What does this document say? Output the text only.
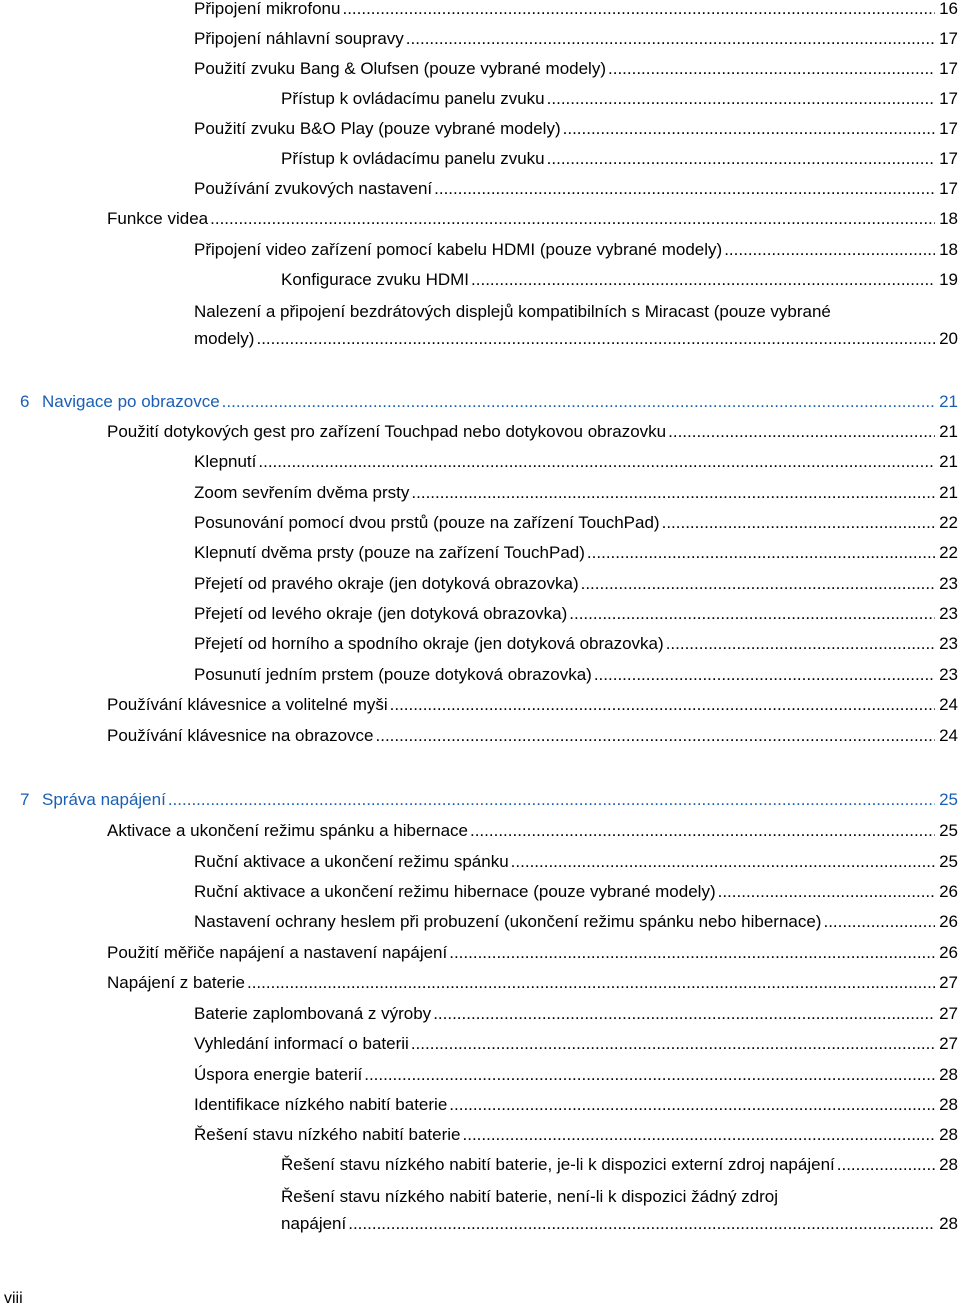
Připojení mikrofonu .....	16
Připojení náhlavní soupravy .....	17
Použití zvuku Bang & Olufsen (pouze vybrané modely) .....	17
Přístup k ovládacímu panelu zvuku .....	17
Použití zvuku B&O Play (pouze vybrané modely) .....	17
Přístup k ovládacímu panelu zvuku .....	17
Používání zvukových nastavení .....	17
Funkce videa .....	18
Připojení video zařízení pomocí kabelu HDMI (pouze vybrané modely) .....	18
Konfigurace zvuku HDMI .....	19
Nalezení a připojení bezdrátových displejů kompatibilních s Miracast (pouze vybrané
modely) .....	20
6 Navigace po obrazovce .....	21
Použití dotykových gest pro zařízení Touchpad nebo dotykovou obrazovku .....	21
Klepnutí .....	21
Zoom sevřením dvěma prsty .....	21
Posunování pomocí dvou prstů (pouze na zařízení TouchPad) .....	22
Klepnutí dvěma prsty (pouze na zařízení TouchPad) .....	22
Přejetí od pravého okraje (jen dotyková obrazovka) .....	23
Přejetí od levého okraje (jen dotyková obrazovka) .....	23
Přejetí od horního a spodního okraje (jen dotyková obrazovka) .....	23
Posunutí jedním prstem (pouze dotyková obrazovka) .....	23
Používání klávesnice a volitelné myši .....	24
Používání klávesnice na obrazovce .....	24
7 Správa napájení .....	25
Aktivace a ukončení režimu spánku a hibernace .....	25
Ruční aktivace a ukončení režimu spánku .....	25
Ruční aktivace a ukončení režimu hibernace (pouze vybrané modely) .....	26
Nastavení ochrany heslem při probuzení (ukončení režimu spánku nebo hibernace) .....	26
Použití měřiče napájení a nastavení napájení .....	26
Napájení z baterie .....	27
Baterie zaplombovaná z výroby .....	27
Vyhledání informací o baterii .....	27
Úspora energie baterií .....	28
Identifikace nízkého nabití baterie .....	28
Řešení stavu nízkého nabití baterie .....	28
Řešení stavu nízkého nabití baterie, je-li k dispozici externí zdroj napájení .....	28
Řešení stavu nízkého nabití baterie, není-li k dispozici žádný zdroj
napájení .....	28
viii
